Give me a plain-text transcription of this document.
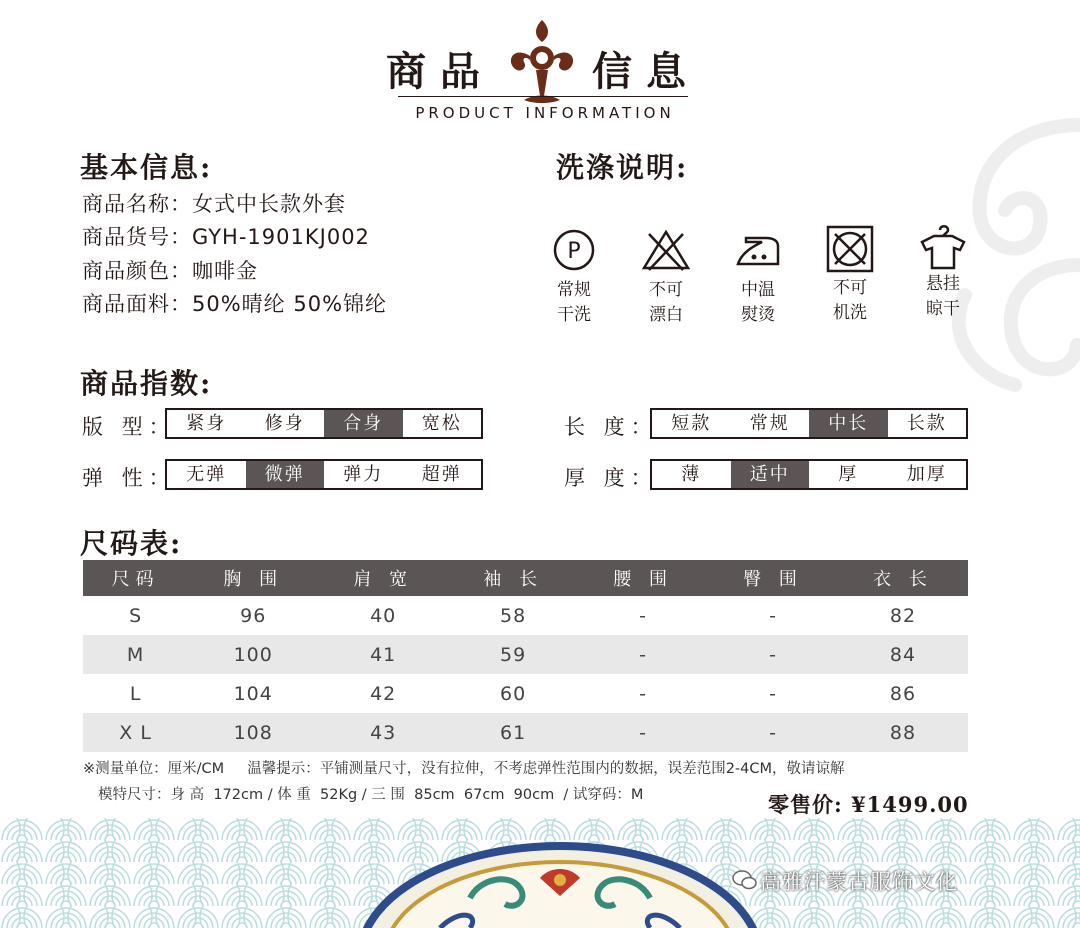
商品 信息
PRODUCT INFORMATION
基本信息:
商品名称：女式中长款外套
商品货号：GYH-1901KJ002
商品颜色：咖啡金
商品面料：50%晴纶 50%锦纶
洗涤说明:
P
常规
干洗
不可
漂白
中温
熨烫
不可
机洗
悬挂
晾干
商品指数:
版 型： 紧身	修身	合身	宽松
弹 性： 无弹	微弹	弹力	超弹
长 度： 短款	常规	中长	长款
厚 度：	薄	适中	厚	加厚
尺码表:
尺码	胸 围	肩 宽	袖 长	腰 围	臀 围	衣 长
S	96	40	58	-	-	82
M	100	41	59	-	-	84
L	104	42	60	-	-	86
X L	108	43	61	-	-	88
※测量单位：厘米/CM     温馨提示：平铺测量尺寸，没有拉伸，不考虑弹性范围内的数据，误差范围2-4CM，敬请谅解
模特尺寸：身 高  172cm / 体 重  52Kg / 三 围  85cm  67cm  90cm  / 试穿码：M	零售价: ¥1499.00
高雅汗蒙古服饰文化
